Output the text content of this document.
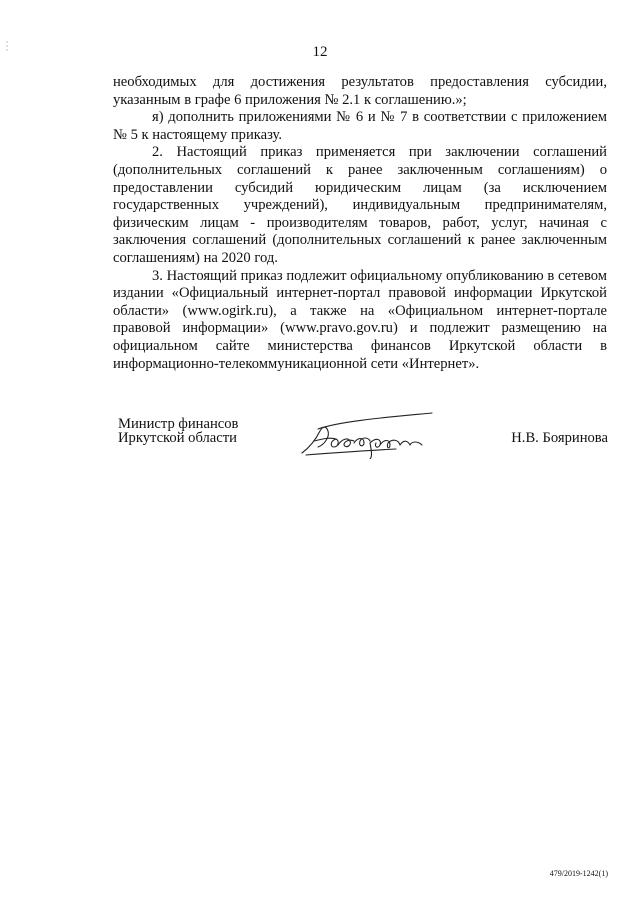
12

необходимых для достижения результатов предоставления субсидии, указанным в графе 6 приложения № 2.1 к соглашению.»;

я) дополнить приложениями № 6 и № 7 в соответствии с приложением № 5 к настоящему приказу.

2. Настоящий приказ применяется при заключении соглашений (дополнительных соглашений к ранее заключенным соглашениям) о предоставлении субсидий юридическим лицам (за исключением государственных учреждений), индивидуальным предпринимателям, физическим лицам - производителям товаров, работ, услуг, начиная с заключения соглашений (дополнительных соглашений к ранее заключенным соглашениям) на 2020 год.

3. Настоящий приказ подлежит официальному опубликованию в сетевом издании «Официальный интернет-портал правовой информации Иркутской области» (www.ogirk.ru), а также на «Официальном интернет-портале правовой информации» (www.pravo.gov.ru) и подлежит размещению на официальном сайте министерства финансов Иркутской области в информационно-телекоммуникационной сети «Интернет».

Министр финансов
Иркутской области	Н.В. Бояринова
479/2019-1242(1)
